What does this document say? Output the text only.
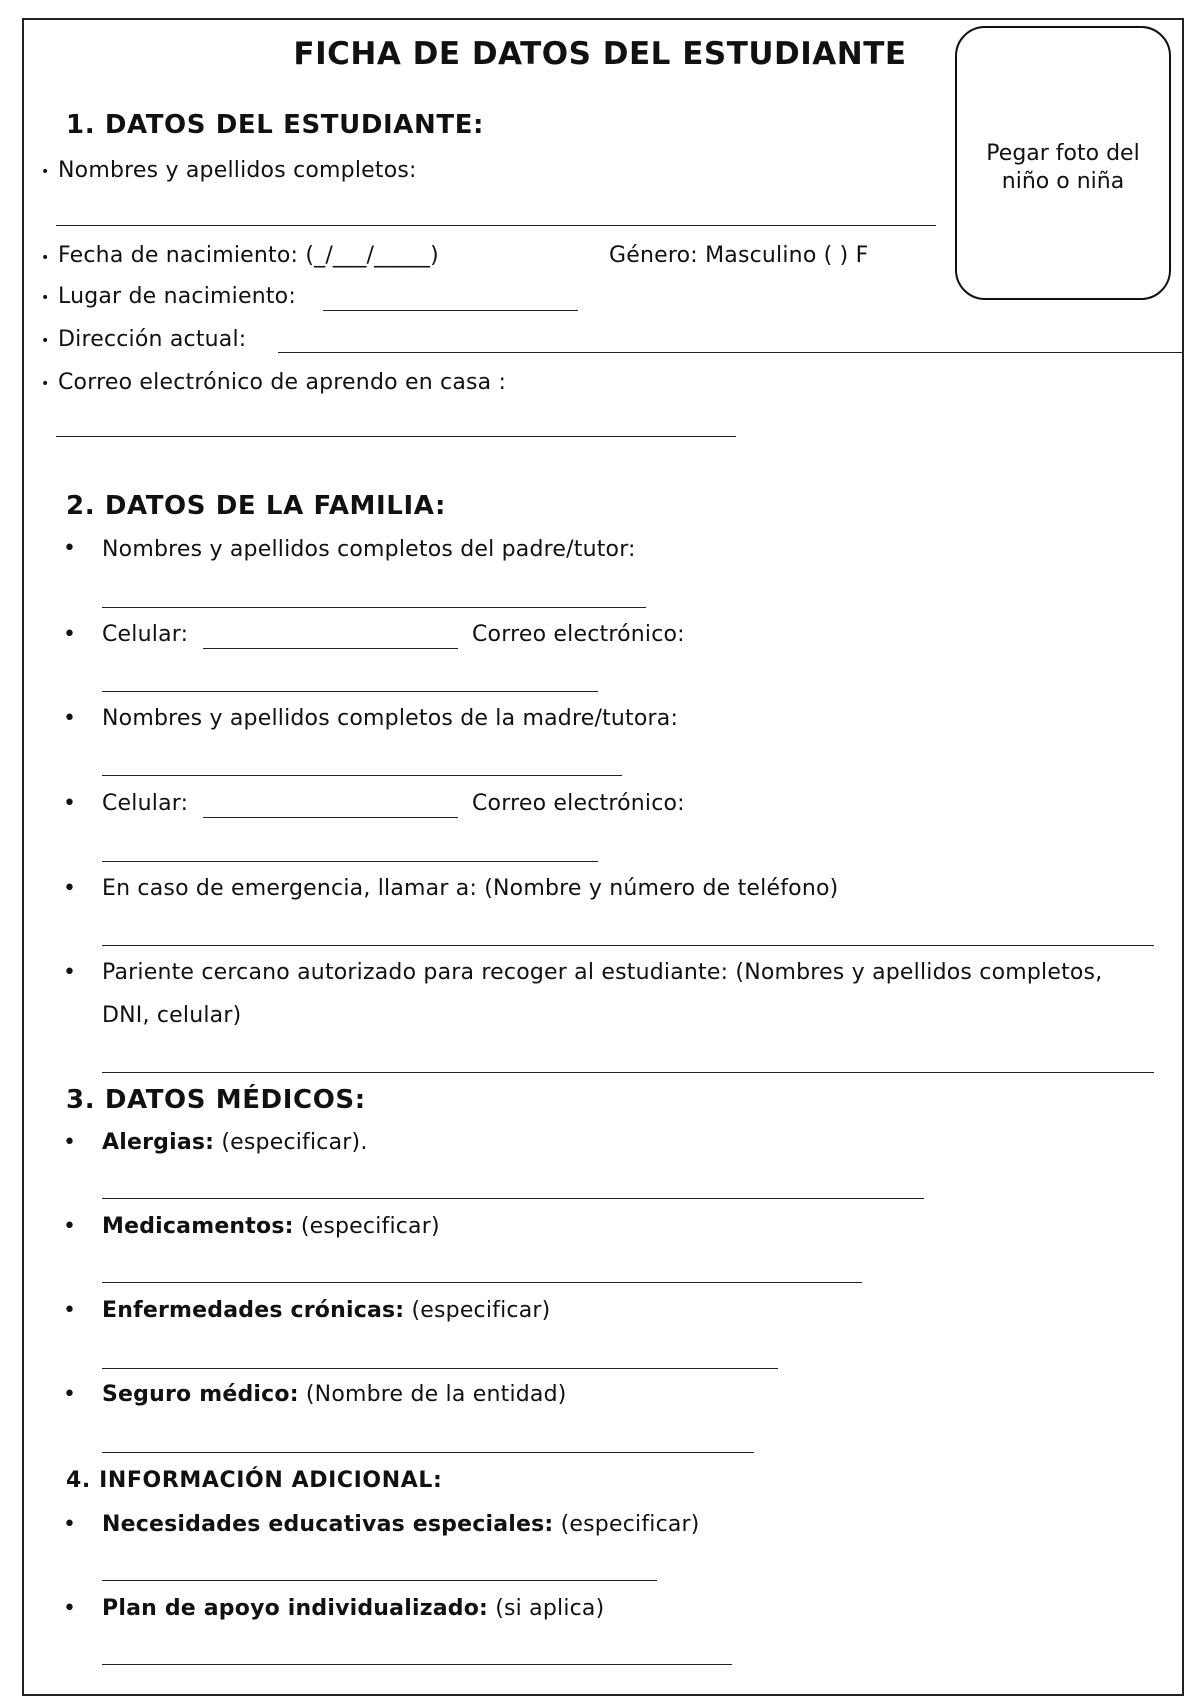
FICHA DE DATOS DEL ESTUDIANTE
1. DATOS DEL ESTUDIANTE:
• Nombres y apellidos completos:
• Fecha de nacimiento: (_/___/_____)	Género: Masculino ( ) F
• Lugar de nacimiento:
• Dirección actual:
• Correo electrónico de aprendo en casa :
Pegar foto del niño o niña
2. DATOS DE LA FAMILIA:
• Nombres y apellidos completos del padre/tutor:
• Celular:	Correo electrónico:
• Nombres y apellidos completos de la madre/tutora:
• Celular:	Correo electrónico:
• En caso de emergencia, llamar a: (Nombre y número de teléfono)
• Pariente cercano autorizado para recoger al estudiante: (Nombres y apellidos completos,
DNI, celular)
3. DATOS MÉDICOS:
• Alergias: (especificar).
• Medicamentos: (especificar)
• Enfermedades crónicas: (especificar)
• Seguro médico: (Nombre de la entidad)
4. INFORMACIÓN ADICIONAL:
• Necesidades educativas especiales: (especificar)
• Plan de apoyo individualizado: (si aplica)
